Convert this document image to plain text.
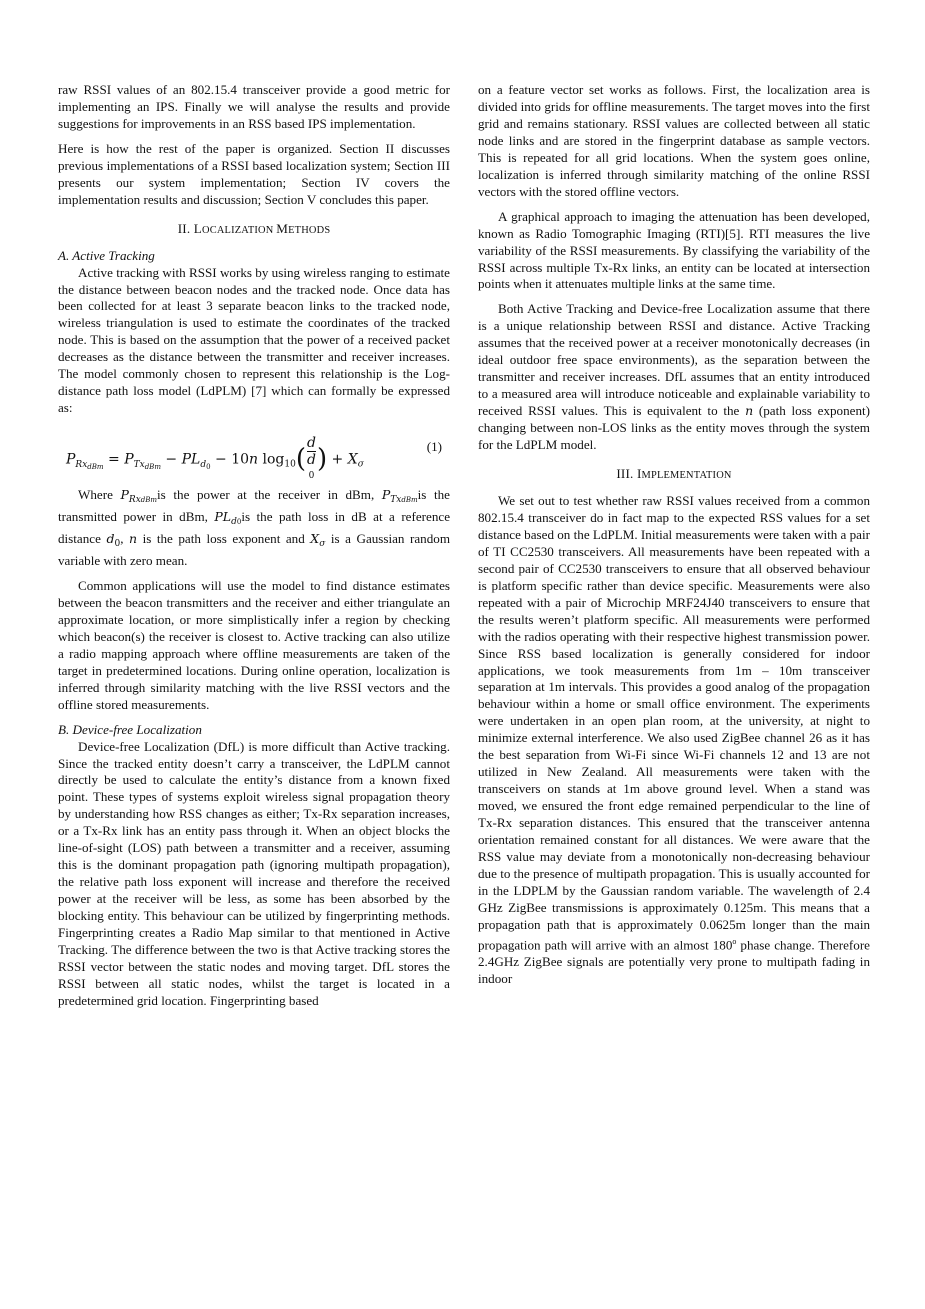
raw RSSI values of an 802.15.4 transceiver provide a good metric for implementing an IPS. Finally we will analyse the results and provide suggestions for improvements in an RSS based IPS implementation.

Here is how the rest of the paper is organized. Section II discusses previous implementations of a RSSI based localization system; Section III presents our system implementation; Section IV covers the implementation results and discussion; Section V concludes this paper.

II. LOCALIZATION METHODS
A. Active Tracking

Active tracking with RSSI works by using wireless ranging to estimate the distance between beacon nodes and the tracked node. Once data has been collected for at least 3 separate beacon links to the tracked node, wireless triangulation is used to estimate the coordinates of the tracked node. This is based on the assumption that the power of a received packet decreases as the distance between the transmitter and receiver increases. The model commonly chosen to represent this relationship is the Log-distance path loss model (LdPLM) [7] which can formally be expressed as:

$P_{Rx_{dBm}} = P_{Tx_{dBm}} - PL_{d_0} - 10n$ $\log_{10}$( d
d
0 ) + $X_\sigma$
(1)

Where $P_{RxdBm}is$ the power at the receiver in dBm, $P_{TxdBm}is$ the transmitted power in dBm, $PL_{d0}is$ the path loss in dB at a reference distance $d_0$, n is the path loss exponent and $X_\sigma$ is a Gaussian random variable with zero mean.

Common applications will use the model to find distance estimates between the beacon transmitters and the receiver and either triangulate an approximate location, or more simplistically infer a region by checking which beacon(s) the receiver is closest to. Active tracking can also utilize a radio mapping approach where offline measurements are taken of the target in predetermined locations. During online operation, localization is inferred through similarity matching with the live RSSI vectors and the offline stored measurements.

B. Device-free Localization

Device-free Localization (DfL) is more difficult than Active tracking. Since the tracked entity doesn’t carry a transceiver, the LdPLM cannot directly be used to calculate the entity’s distance from a known fixed point. These types of systems exploit wireless signal propagation theory by understanding how RSS changes as either; Tx-Rx separation increases, or a Tx-Rx link has an entity pass through it. When an object blocks the line-of-sight (LOS) path between a transmitter and a receiver, assuming this is the dominant propagation path (ignoring multipath propagation), the relative path loss exponent will increase and therefore the received power at the receiver will be less, as some has been absorbed by the blocking entity. This behaviour can be utilized by fingerprinting methods. Fingerprinting creates a Radio Map similar to that mentioned in Active Tracking. The difference between the two is that Active tracking stores the RSSI vector between the static nodes and moving target. DfL stores the RSSI between all static nodes, whilst the target is located in a predetermined grid location. Fingerprinting based

on a feature vector set works as follows. First, the localization area is divided into grids for offline measurements. The target moves into the first grid and remains stationary. RSSI values are collected between all static node links and are stored in the fingerprint database as sample vectors. This is repeated for all grid locations. When the system goes online, localization is inferred through similarity matching of the online RSSI vectors with the stored offline vectors.

A graphical approach to imaging the attenuation has been developed, known as Radio Tomographic Imaging (RTI)[5]. RTI measures the live variability of the RSSI measurements. By classifying the variability of the RSSI across multiple Tx-Rx links, an entity can be located at intersection points when it attenuates multiple links at the same time.

Both Active Tracking and Device-free Localization assume that there is a unique relationship between RSSI and distance. Active Tracking assumes that the received power at a receiver monotonically decreases (in ideal outdoor free space environments), as the separation between the transmitter and receiver increases. DfL assumes that an entity introduced to a measured area will introduce noticeable and explainable variability to received RSSI values. This is equivalent to the n (path loss exponent) changing between non-LOS links as the entity moves through the system for the LdPLM model.

III. IMPLEMENTATION

We set out to test whether raw RSSI values received from a common 802.15.4 transceiver do in fact map to the expected RSS values for a set distance based on the LdPLM. Initial measurements were taken with a pair of TI CC2530 transceivers. All measurements have been repeated with a second pair of CC2530 transceivers to ensure that all observed behaviour is platform specific rather than device specific. Measurements were also repeated with a pair of Microchip MRF24J40 transceivers to ensure that the results weren’t platform specific. All measurements were performed with the radios operating with their respective highest transmission power. Since RSS based localization is generally considered for indoor applications, we took measurements from 1m – 10m transceiver separation at 1m intervals. This provides a good analog of the propagation behaviour within a home or small office environment. The experiments were undertaken in an open plan room, at the university, at night to minimize external interference. We also used ZigBee channel 26 as it has the best separation from Wi-Fi since Wi-Fi channels 12 and 13 are not utilized in New Zealand. All measurements were taken with the transceivers on stands at 1m above ground level. When a stand was moved, we ensured the front edge remained perpendicular to the line of Tx-Rx separation distances. This ensured that the transceiver antenna orientation remained constant for all distances. We were aware that the RSS value may deviate from a monotonically non-decreasing behaviour due to the presence of multipath propagation. This is usually accounted for in the LDPLM by the Gaussian random variable. The wavelength of 2.4 GHz ZigBee transmissions is approximately 0.125m. This means that a propagation path that is approximately 0.0625m longer than the main propagation path will arrive with an almost 180$^o$ phase change. Therefore 2.4GHz ZigBee signals are potentially very prone to multipath fading in indoor
